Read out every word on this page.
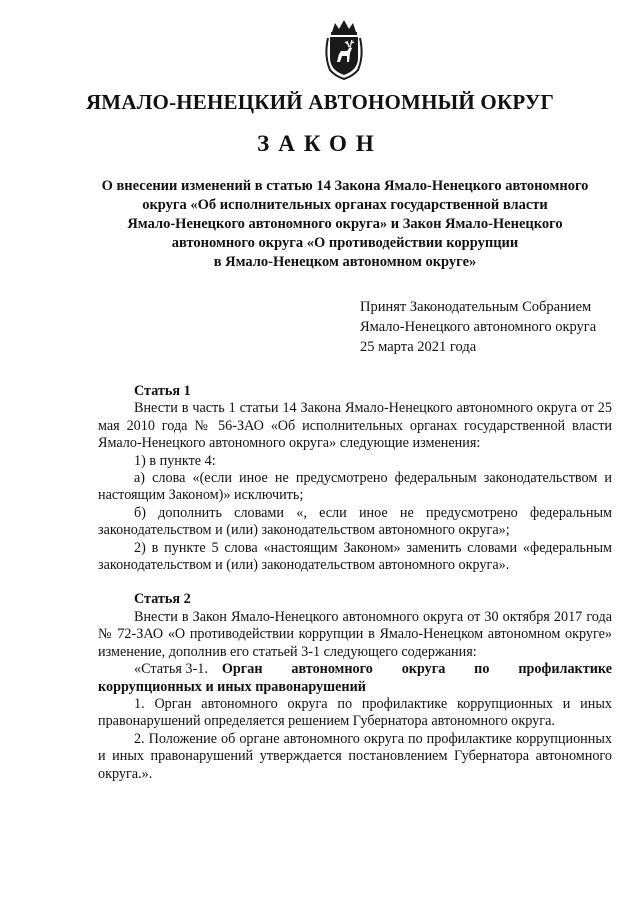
ЯМАЛО-НЕНЕЦКИЙ АВТОНОМНЫЙ ОКРУГ
ЗАКОН
О внесении изменений в статью 14 Закона Ямало-Ненецкого автономного
округа «Об исполнительных органах государственной власти
Ямало-Ненецкого автономного округа» и Закон Ямало-Ненецкого
автономного округа «О противодействии коррупции
в Ямало-Ненецком автономном округе»
Принят Законодательным Собранием
Ямало-Ненецкого автономного округа
25 марта 2021 года

Статья 1

Внести в часть 1 статьи 14 Закона Ямало-Ненецкого автономного округа от 25 мая 2010 года № 56-ЗАО «Об исполнительных органах государственной власти Ямало-Ненецкого автономного округа» следующие изменения:

1) в пункте 4:

а) слова «(если иное не предусмотрено федеральным законодательством и настоящим Законом)» исключить;

б) дополнить словами «, если иное не предусмотрено федеральным законодательством и (или) законодательством автономного округа»;

2) в пункте 5 слова «настоящим Законом» заменить словами «федеральным законодательством и (или) законодательством автономного округа».

Статья 2

Внести в Закон Ямало-Ненецкого автономного округа от 30 октября 2017 года № 72-ЗАО «О противодействии коррупции в Ямало-Ненецком автономном округе» изменение, дополнив его статьей 3-1 следующего содержания:

«Статья 3-1. Орган автономного округа по профилактике

коррупционных и иных правонарушений

1. Орган автономного округа по профилактике коррупционных и иных правонарушений определяется решением Губернатора автономного округа.

2. Положение об органе автономного округа по профилактике коррупционных и иных правонарушений утверждается постановлением Губернатора автономного округа.».
